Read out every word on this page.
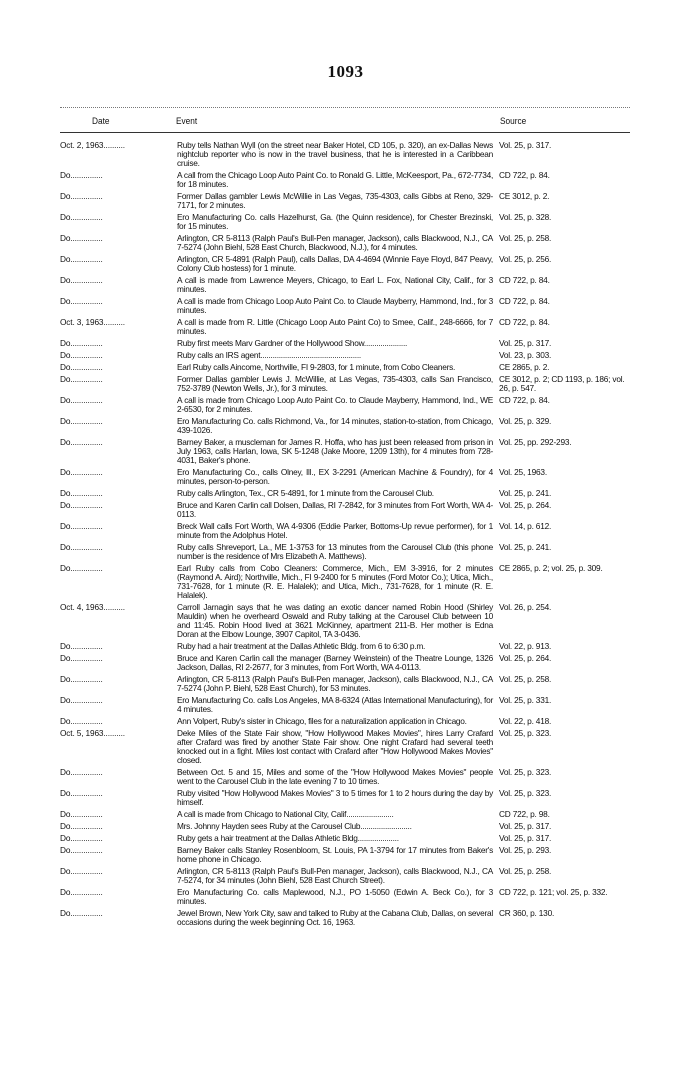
1093
Date	Event	Source
Oct. 2, 1963..........	Ruby tells Nathan Wyll (on the street near Baker Hotel, CD 105, p. 320), an ex-Dallas News nightclub reporter who is now in the travel business, that he is interested in a Caribbean cruise.
Vol. 25, p. 317.
Do...............	A call from the Chicago Loop Auto Paint Co. to Ronald G. Little, McKeesport, Pa., 672-7734, for 18 minutes.
CD 722, p. 84.
Do...............	Former Dallas gambler Lewis McWillie in Las Vegas, 735-4303, calls Gibbs at Reno, 329-7171, for 2 minutes.
CE 3012, p. 2.
Do...............	Ero Manufacturing Co. calls Hazelhurst, Ga. (the Quinn residence), for Chester Brezinski, for 15 minutes.
Vol. 25, p. 328.
Do...............	Arlington, CR 5-8113 (Ralph Paul's Bull-Pen manager, Jackson), calls Blackwood, N.J., CA 7-5274 (John Biehl, 528 East Church, Blackwood, N.J.), for 4 minutes.
Vol. 25, p. 258.
Do...............	Arlington, CR 5-4891 (Ralph Paul), calls Dallas, DA 4-4694 (Winnie Faye Floyd, 847 Peavy, Colony Club hostess) for 1 minute.
Vol. 25, p. 256.
Do...............	A call is made from Lawrence Meyers, Chicago, to Earl L. Fox, National City, Calif., for 3 minutes.
CD 722, p. 84.
Do...............	A call is made from Chicago Loop Auto Paint Co. to Claude Mayberry, Hammond, Ind., for 3 minutes.
CD 722, p. 84.
Oct. 3, 1963..........	A call is made from R. Little (Chicago Loop Auto Paint Co) to Smee, Calif., 248-6666, for 7 minutes.
CD 722, p. 84.
Do...............	Ruby first meets Marv Gardner of the Hollywood Show.....................	Vol. 25, p. 317.
Do...............	Ruby calls an IRS agent.................................................	Vol. 23, p. 303.
Do...............	Earl Ruby calls Aincome, Northville, FI 9-2803, for 1 minute, from Cobo Cleaners.	CE 2865, p. 2.
Do...............	Former Dallas gambler Lewis J. McWillie, at Las Vegas, 735-4303, calls San Francisco, 752-3789 (Newton Wells, Jr.), for 3 minutes.
CE 3012, p. 2; CD 1193, p. 186; vol. 26, p. 547.
Do...............	A call is made from Chicago Loop Auto Paint Co. to Claude Mayberry, Hammond, Ind., WE 2-6530, for 2 minutes.
CD 722, p. 84.
Do...............	Ero Manufacturing Co. calls Richmond, Va., for 14 minutes, station-to-station, from Chicago, 439-1026.
Vol. 25, p. 329.
Do...............	Barney Baker, a muscleman for James R. Hoffa, who has just been released from prison in July 1963, calls Harlan, Iowa, SK 5-1248 (Jake Moore, 1209 13th), for 4 minutes from 728-4031, Baker's phone.
Vol. 25, pp. 292-293.
Do...............	Ero Manufacturing Co., calls Olney, Ill., EX 3-2291 (American Machine & Foundry), for 4 minutes, person-to-person.
Vol. 25, 1963.
Do...............	Ruby calls Arlington, Tex., CR 5-4891, for 1 minute from the Carousel Club.	Vol. 25, p. 241.
Do...............	Bruce and Karen Carlin call Dolsen, Dallas, RI 7-2842, for 3 minutes from Fort Worth, WA 4-0113.
Vol. 25, p. 264.
Do...............	Breck Wall calls Fort Worth, WA 4-9306 (Eddie Parker, Bottoms-Up revue performer), for 1 minute from the Adolphus Hotel.
Vol. 14, p. 612.
Do...............	Ruby calls Shreveport, La., ME 1-3753 for 13 minutes from the Carousel Club (this phone number is the residence of Mrs Elizabeth A. Matthews).
Vol. 25, p. 241.
Do...............	Earl Ruby calls from Cobo Cleaners: Commerce, Mich., EM 3-3916, for 2 minutes (Raymond A. Aird); Northville, Mich., FI 9-2400 for 5 minutes (Ford Motor Co.); Utica, Mich., 731-7628, for 1 minute (R. E. Halalek); and Utica, Mich., 731-7628, for 1 minute (R. E. Halalek).
CE 2865, p. 2; vol. 25, p. 309.
Oct. 4, 1963..........	Carroll Jarnagin says that he was dating an exotic dancer named Robin Hood (Shirley Mauldin) when he overheard Oswald and Ruby talking at the Carousel Club between 10 and 11:45. Robin Hood lived at 3621 McKinney, apartment 211-B. Her mother is Edna Doran at the Elbow Lounge, 3907 Capitol, TA 3-0436.
Vol. 26, p. 254.
Do...............	Ruby had a hair treatment at the Dallas Athletic Bldg. from 6 to 6:30 p.m.	Vol. 22, p. 913.
Do...............	Bruce and Karen Carlin call the manager (Barney Weinstein) of the Theatre Lounge, 1326 Jackson, Dallas, RI 2-2677, for 3 minutes, from Fort Worth, WA 4-0113.
Vol. 25, p. 264.
Do...............	Arlington, CR 5-8113 (Ralph Paul's Bull-Pen manager, Jackson), calls Blackwood, N.J., CA 7-5274 (John P. Biehl, 528 East Church), for 53 minutes.
Vol. 25, p. 258.
Do...............	Ero Manufacturing Co. calls Los Angeles, MA 8-6324 (Atlas International Manufacturing), for 4 minutes.
Vol. 25, p. 331.
Do...............	Ann Volpert, Ruby's sister in Chicago, files for a naturalization application in Chicago.	Vol. 22, p. 418.
Oct. 5, 1963..........	Deke Miles of the State Fair show, "How Hollywood Makes Movies", hires Larry Crafard after Crafard was fired by another State Fair show. One night Crafard had several teeth knocked out in a fight. Miles lost contact with Crafard after "How Hollywood Makes Movies" closed.
Vol. 25, p. 323.
Do...............	Between Oct. 5 and 15, Miles and some of the "How Hollywood Makes Movies" people went to the Carousel Club in the late evening 7 to 10 times.
Vol. 25, p. 323.
Do...............	Ruby visited "How Hollywood Makes Movies" 3 to 5 times for 1 to 2 hours during the day by himself.
Vol. 25, p. 323.
Do...............	A call is made from Chicago to National City, Calif.......................	CD 722, p. 98.
Do...............	Mrs. Johnny Hayden sees Ruby at the Carousel Club.........................	Vol. 25, p. 317.
Do...............	Ruby gets a hair treatment at the Dallas Athletic Bldg....................	Vol. 25, p. 317.
Do...............	Barney Baker calls Stanley Rosenbloom, St. Louis, PA 1-3794 for 17 minutes from Baker's home phone in Chicago.
Vol. 25, p. 293.
Do...............	Arlington, CR 5-8113 (Ralph Paul's Bull-Pen manager, Jackson), calls Blackwood, N.J., CA 7-5274, for 34 minutes (John Biehl, 528 East Church Street).
Vol. 25, p. 258.
Do...............	Ero Manufacturing Co. calls Maplewood, N.J., PO 1-5050 (Edwin A. Beck Co.), for 3 minutes.
CD 722, p. 121; vol. 25, p. 332.
Do...............	Jewel Brown, New York City, saw and talked to Ruby at the Cabana Club, Dallas, on several occasions during the week beginning Oct. 16, 1963.
CR 360, p. 130.
